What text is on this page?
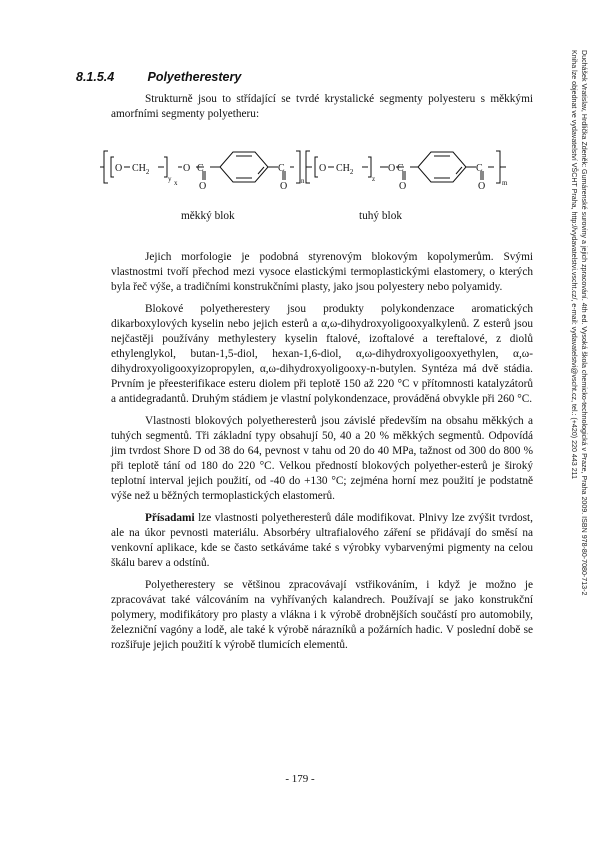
8.1.5.4	Polyetherestery
Strukturně jsou to střídající se tvrdé krystalické segmenty polyesteru s měkkými amorfními segmenty polyetheru:
O $CH_2$
y x
O C
O
C
O n
O $CH_2$
z
O C
O
C
O m
měkký blok	tuhý blok

Jejich morfologie je podobná styrenovým blokovým kopolymerům. Svými vlastnostmi tvoří přechod mezi vysoce elastickými termoplastickými elastomery, o kterých byla řeč výše, a tradičními konstrukčními plasty, jako jsou polyestery nebo polyamidy.

Blokové polyetherestery jsou produkty polykondenzace aromatických dikarboxylových kyselin nebo jejich esterů a α,ω-dihydroxyoligooxyalkylenů. Z esterů jsou nejčastěji používány methylestery kyselin ftalové, izoftalové a tereftalové, z diolů ethylenglykol, butan-1,5-diol, hexan-1,6-diol, α,ω-dihydroxyoligooxyethylen, α,ω-dihydroxyoligooxyizopropylen, α,ω-dihydroxyoligooxy-n-butylen. Syntéza má dvě stádia. Prvním je přeesterifikace esteru diolem při teplotě 150 až 220 °C v přítomnosti katalyzátorů a antidegradantů. Druhým stádiem je vlastní polykondenzace, prováděná obvykle při 260 °C.

Vlastnosti blokových polyetheresterů jsou závislé především na obsahu měkkých a tuhých segmentů. Tři základní typy obsahují 50, 40 a 20 % měkkých segmentů. Odpovídá jim tvrdost Shore D od 38 do 64, pevnost v tahu od 20 do 40 MPa, tažnost od 300 do 800 % při teplotě tání od 180 do 220 °C. Velkou předností blokových polyether-esterů je široký teplotní interval jejich použití, od -40 do +130 °C; zejména horní mez použití je podstatně výše než u běžných termoplastických elastomerů.

Přísadami lze vlastnosti polyetheresterů dále modifikovat. Plnivy lze zvýšit tvrdost, ale na úkor pevnosti materiálu. Absorbéry ultrafialového záření se přidávají do směsí na venkovní aplikace, kde se často setkáváme také s výrobky vybarvenými pigmenty na celou škálu barev a odstínů.

Polyetherestery se většinou zpracovávají vstřikováním, i když je možno je zpracovávat také válcováním na vyhřívaných kalandrech. Používají se jako konstrukční polymery, modifikátory pro plasty a vlákna i k výrobě drobnějších součástí pro automobily, železniční vagóny a lodě, ale také k výrobě nárazníků a požárních hadic. V poslední době se rozšiřuje jejich použití k výrobě tlumicích elementů.

Duchášek Vratislav, Hrdlička Zdeněk: Gumárenské suroviny a jejich zpracování. 4th ed. Vysoká škola chemicko-technologická v Praze, Praha 2009. ISBN 978-80-7080-713-2
Kniha lze objednat ve vydavatelství VŠCHT Praha, http://vydavatelstvi.vscht.cz/, e-mail: vydavatelstvi@vscht.cz, tel.: (+420) 220 443 211
- 179 -
